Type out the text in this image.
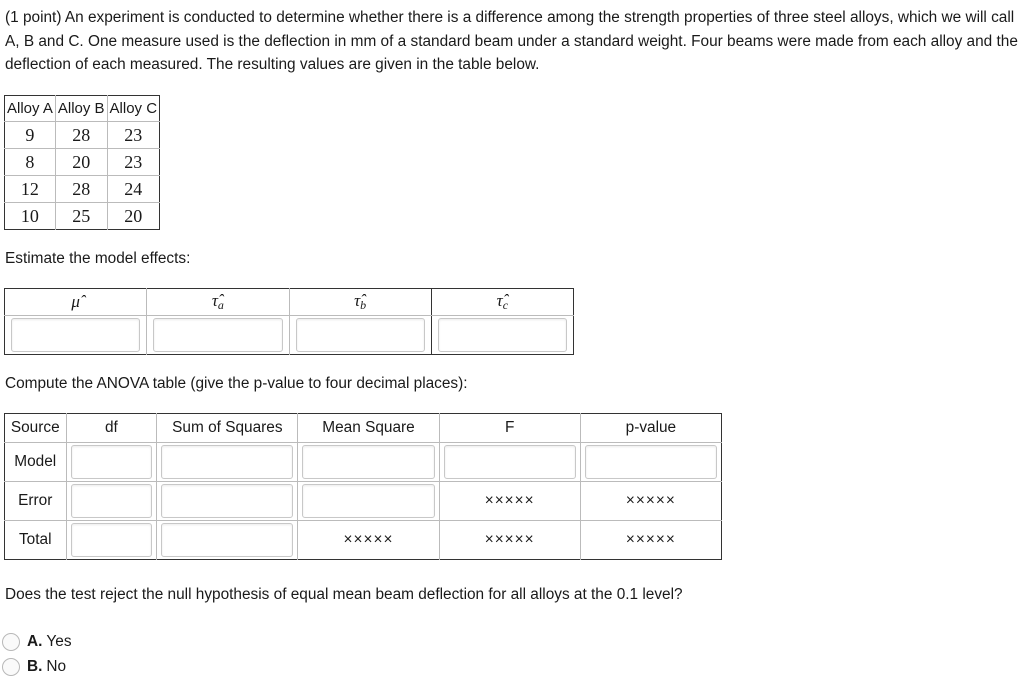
(1 point) An experiment is conducted to determine whether there is a difference among the strength properties of three steel alloys, which we will call A, B and C. One measure used is the deflection in mm of a standard beam under a standard weight. Four beams were made from each alloy and the deflection of each measured. The resulting values are given in the table below.

Alloy A	Alloy B	Alloy C
9	28	23
8	20	23
12	28	24
10	25	20

Estimate the model effects:

μ̂	$\taû_a$	$\taû_b$	$\taû_c$

Compute the ANOVA table (give the p-value to four decimal places):

Source	df	Sum of Squares	Mean Square	F	p-value
Model	

Error				×××××	×××××
Total			×××××	×××××	×××××

Does the test reject the null hypothesis of equal mean beam deflection for all alloys at the 0.1 level?

A. Yes
B. No
